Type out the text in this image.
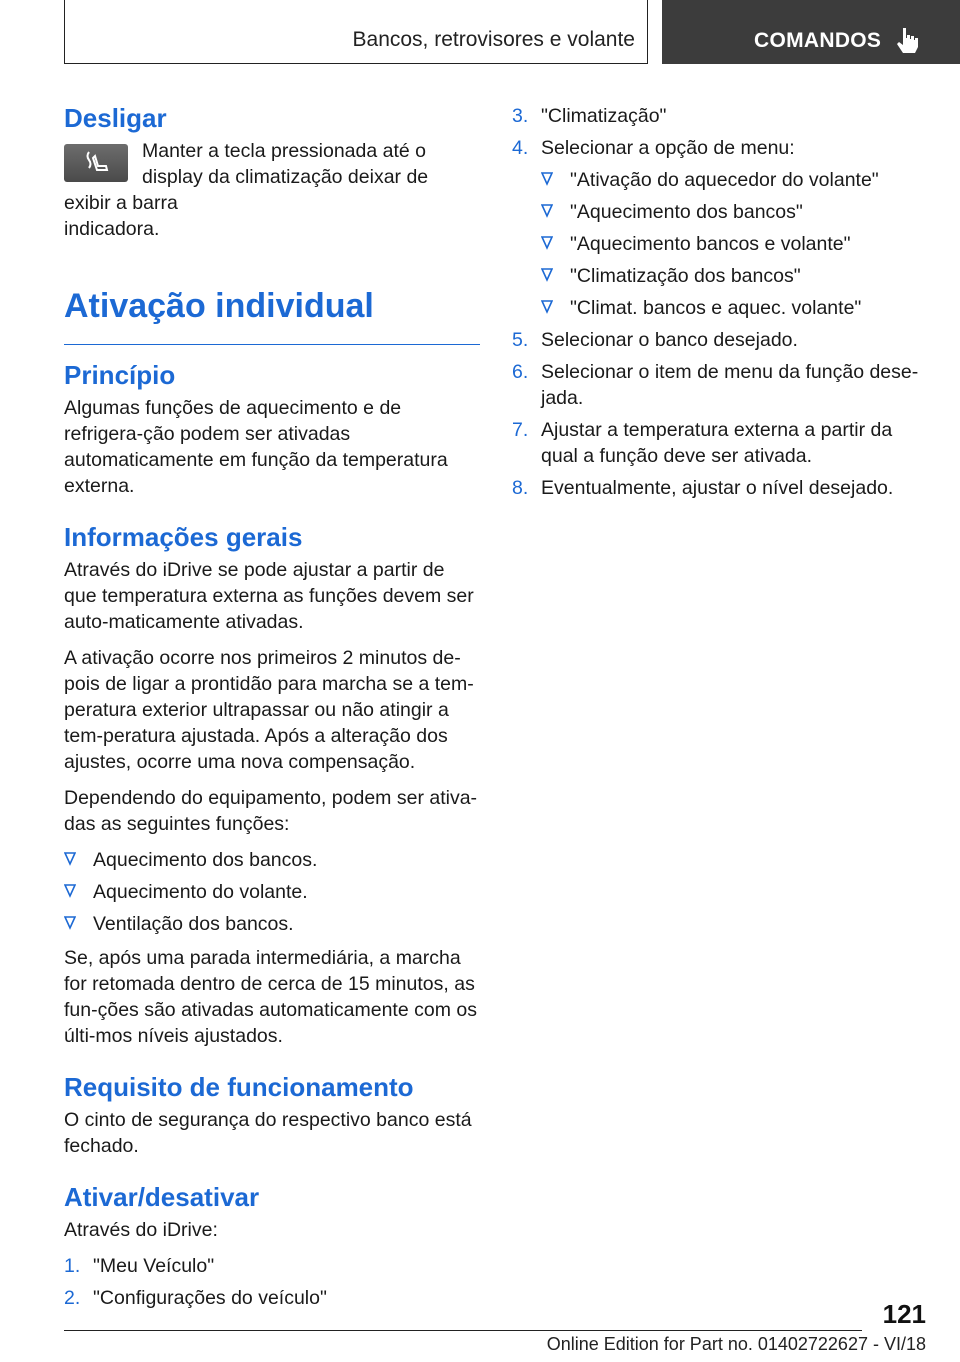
Bancos, retrovisores e volante	COMANDOS
Desligar

Manter a tecla pressionada até o display da climatização deixar de exibir a barra

indicadora.

Ativação individual
Princípio

Algumas funções de aquecimento e de refrigera-ção podem ser ativadas automaticamente em função da temperatura externa.

Informações gerais

Através do iDrive se pode ajustar a partir de que temperatura externa as funções devem ser auto-maticamente ativadas.

A ativação ocorre nos primeiros 2 minutos de-pois de ligar a prontidão para marcha se a tem-peratura exterior ultrapassar ou não atingir a tem-peratura ajustada. Após a alteração dos ajustes, ocorre uma nova compensação.

Dependendo do equipamento, podem ser ativa-das as seguintes funções:

Aquecimento dos bancos.
Aquecimento do volante.
Ventilação dos bancos.

Se, após uma parada intermediária, a marcha for retomada dentro de cerca de 15 minutos, as fun-ções são ativadas automaticamente com os últi-mos níveis ajustados.

Requisito de funcionamento

O cinto de segurança do respectivo banco está fechado.

Ativar/desativar

Através do iDrive:

1. "Meu Veículo"
2. "Configurações do veículo"
3. "Climatização"
4. Selecionar a opção de menu:
"Ativação do aquecedor do volante"
"Aquecimento dos bancos"
"Aquecimento bancos e volante"
"Climatização dos bancos"
"Climat. bancos e aquec. volante"
5. Selecionar o banco desejado.
6. Selecionar o item de menu da função dese-jada.
7. Ajustar a temperatura externa a partir da qual a função deve ser ativada.
8. Eventualmente, ajustar o nível desejado.
121
Online Edition for Part no. 01402722627 - VI/18
